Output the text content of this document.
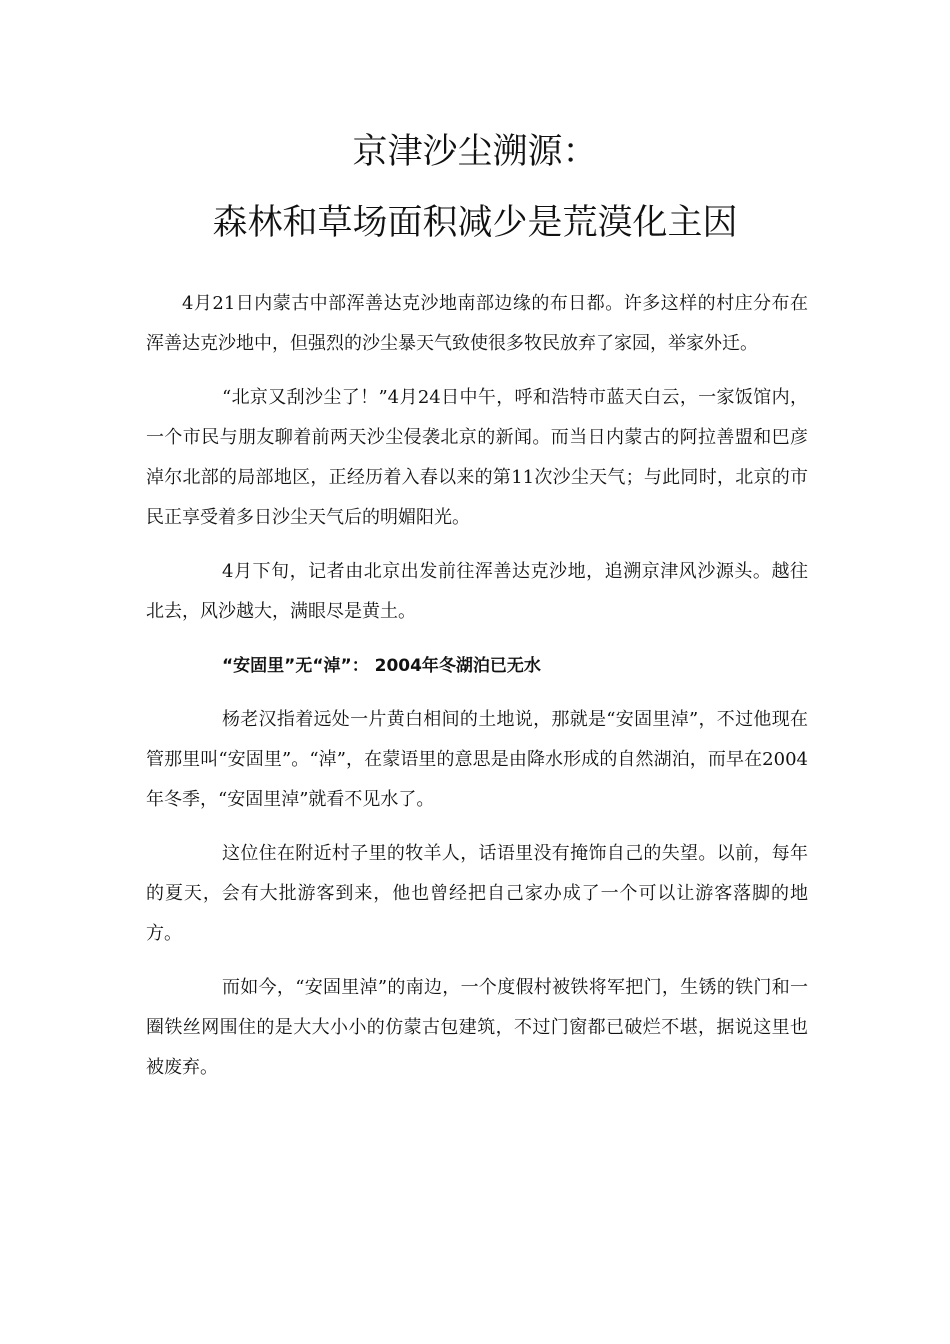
京津沙尘溯源：
森林和草场面积减少是荒漠化主因

4月21日内蒙古中部浑善达克沙地南部边缘的布日都。许多这样的村庄分布在浑善达克沙地中，但强烈的沙尘暴天气致使很多牧民放弃了家园，举家外迁。

“北京又刮沙尘了！”4月24日中午，呼和浩特市蓝天白云，一家饭馆内，一个市民与朋友聊着前两天沙尘侵袭北京的新闻。而当日内蒙古的阿拉善盟和巴彦淖尔北部的局部地区，正经历着入春以来的第11次沙尘天气；与此同时，北京的市民正享受着多日沙尘天气后的明媚阳光。

4月下旬，记者由北京出发前往浑善达克沙地，追溯京津风沙源头。越往北去，风沙越大，满眼尽是黄土。

“安固里”无“淖”： 2004年冬湖泊已无水

杨老汉指着远处一片黄白相间的土地说，那就是“安固里淖”，不过他现在管那里叫“安固里”。“淖”，在蒙语里的意思是由降水形成的自然湖泊，而早在2004年冬季，“安固里淖”就看不见水了。

这位住在附近村子里的牧羊人，话语里没有掩饰自己的失望。以前，每年的夏天，会有大批游客到来，他也曾经把自己家办成了一个可以让游客落脚的地方。

而如今，“安固里淖”的南边，一个度假村被铁将军把门，生锈的铁门和一圈铁丝网围住的是大大小小的仿蒙古包建筑，不过门窗都已破烂不堪，据说这里也被废弃。
